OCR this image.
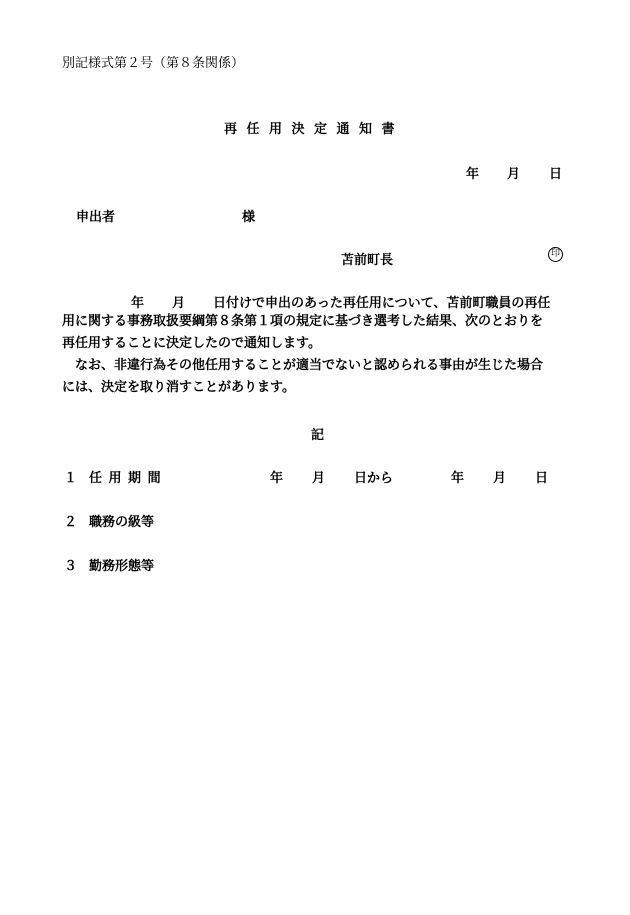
別記様式第２号（第８条関係）
再任用決定通知書
年 月 日
申出者	様
苫前町長	印
年 月 日付けで申出のあった再任用について、苫前町職員の再任
用に関する事務取扱要綱第８条第１項の規定に基づき選考した結果、次のとおりを
再任用することに決定したので通知します。
　なお、非違行為その他任用することが適当でないと認められる事由が生じた場合
には、決定を取り消すことがあります。
記
１ 任 用 期 間	年 月 日から	年 月 日
２ 職務の級等
３ 勤務形態等
